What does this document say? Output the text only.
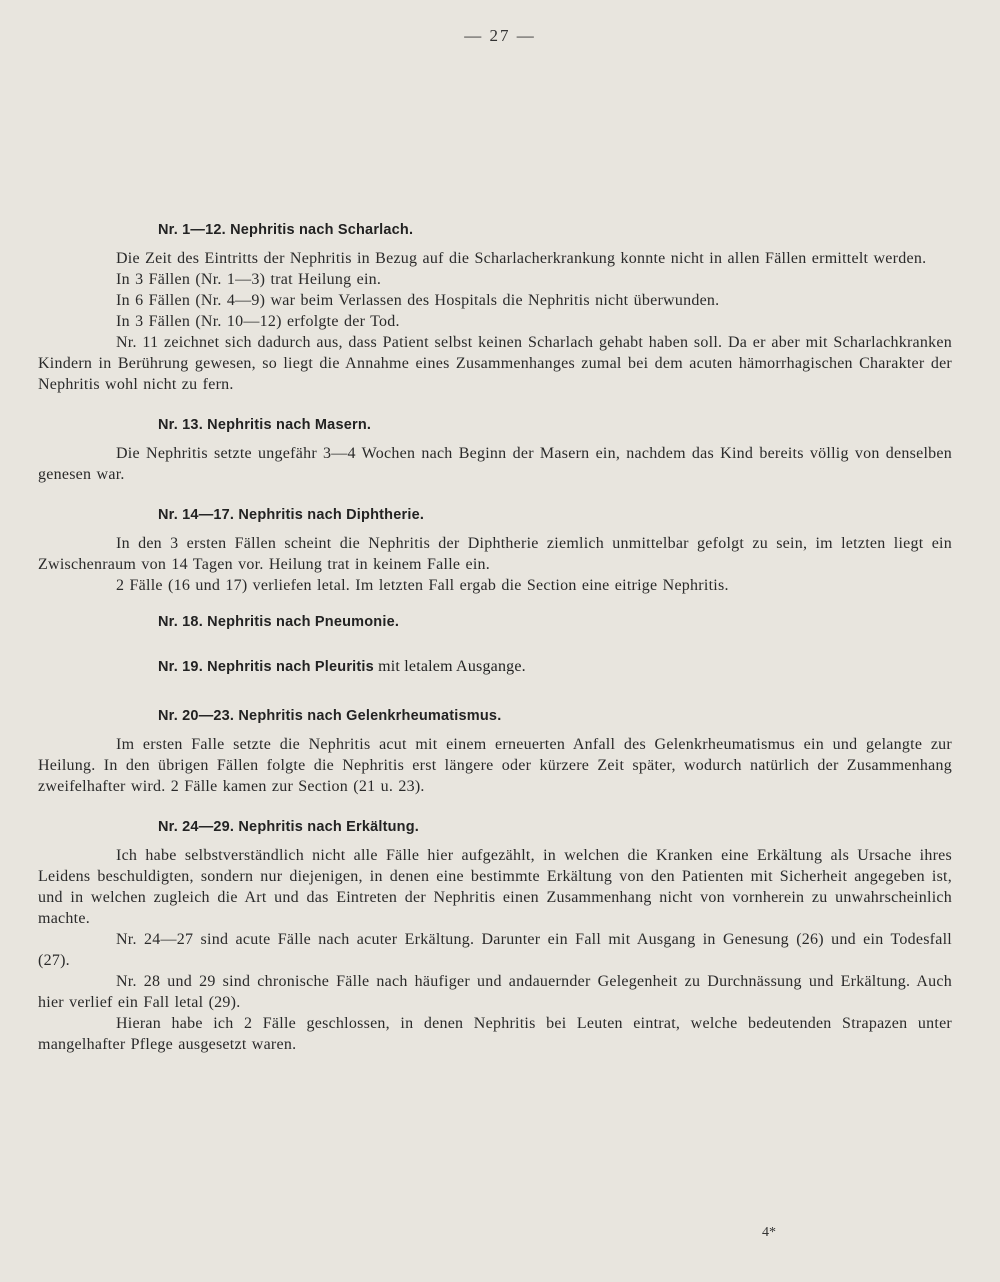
— 27 —
Nr. 1—12. Nephritis nach Scharlach.

Die Zeit des Eintritts der Nephritis in Bezug auf die Scharlacherkrankung konnte nicht in allen Fällen ermittelt werden.

In 3 Fällen (Nr. 1—3) trat Heilung ein.

In 6 Fällen (Nr. 4—9) war beim Verlassen des Hospitals die Nephritis nicht überwunden.

In 3 Fällen (Nr. 10—12) erfolgte der Tod.

Nr. 11 zeichnet sich dadurch aus, dass Patient selbst keinen Scharlach gehabt haben soll. Da er aber mit Scharlachkranken Kindern in Berührung gewesen, so liegt die Annahme eines Zusammenhanges zumal bei dem acuten hämorrhagischen Charakter der Nephritis wohl nicht zu fern.

Nr. 13. Nephritis nach Masern.

Die Nephritis setzte ungefähr 3—4 Wochen nach Beginn der Masern ein, nachdem das Kind bereits völlig von denselben genesen war.

Nr. 14—17. Nephritis nach Diphtherie.

In den 3 ersten Fällen scheint die Nephritis der Diphtherie ziemlich unmittelbar gefolgt zu sein, im letzten liegt ein Zwischenraum von 14 Tagen vor. Heilung trat in keinem Falle ein.

2 Fälle (16 und 17) verliefen letal. Im letzten Fall ergab die Section eine eitrige Nephritis.

Nr. 18. Nephritis nach Pneumonie.
Nr. 19. Nephritis nach Pleuritis mit letalem Ausgange.
Nr. 20—23. Nephritis nach Gelenkrheumatismus.

Im ersten Falle setzte die Nephritis acut mit einem erneuerten Anfall des Gelenkrheumatismus ein und gelangte zur Heilung. In den übrigen Fällen folgte die Nephritis erst längere oder kürzere Zeit später, wodurch natürlich der Zusammenhang zweifelhafter wird. 2 Fälle kamen zur Section (21 u. 23).

Nr. 24—29. Nephritis nach Erkältung.

Ich habe selbstverständlich nicht alle Fälle hier aufgezählt, in welchen die Kranken eine Erkältung als Ursache ihres Leidens beschuldigten, sondern nur diejenigen, in denen eine bestimmte Erkältung von den Patienten mit Sicherheit angegeben ist, und in welchen zugleich die Art und das Eintreten der Nephritis einen Zusammenhang nicht von vornherein zu unwahrscheinlich machte.

Nr. 24—27 sind acute Fälle nach acuter Erkältung. Darunter ein Fall mit Ausgang in Genesung (26) und ein Todesfall (27).

Nr. 28 und 29 sind chronische Fälle nach häufiger und andauernder Gelegenheit zu Durchnässung und Erkältung. Auch hier verlief ein Fall letal (29).

Hieran habe ich 2 Fälle geschlossen, in denen Nephritis bei Leuten eintrat, welche bedeutenden Strapazen unter mangelhafter Pflege ausgesetzt waren.

4*
